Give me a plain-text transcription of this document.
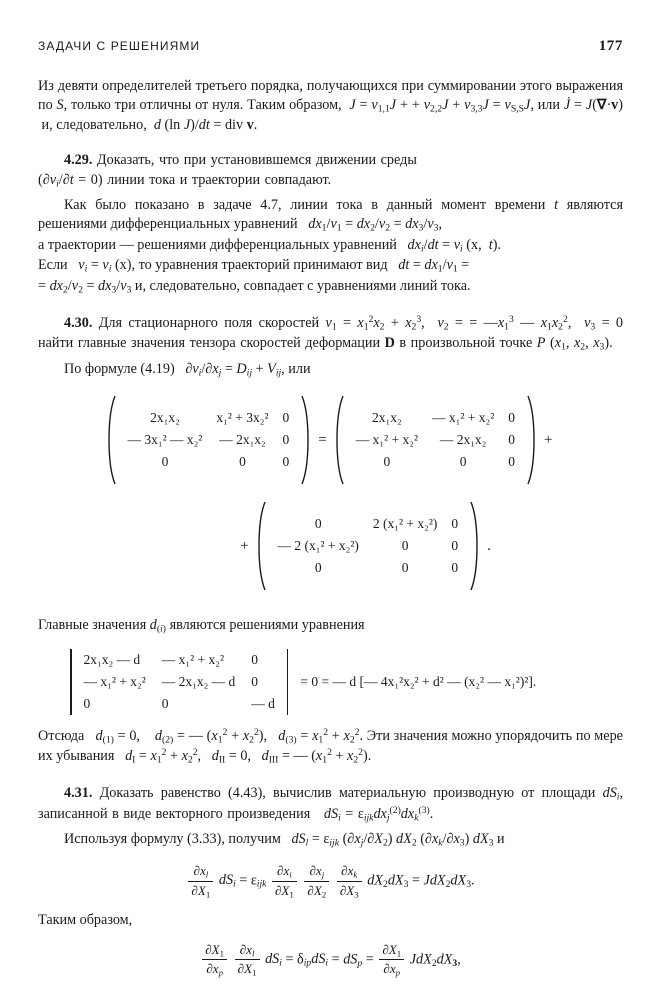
ЗАДАЧИ С РЕШЕНИЯМИ	177

Из девяти определителей третьего порядка, получающихся при суммировании этого выражения по S, только три отличны от нуля. Таким образом,  $J = v_{1,1}J$ + + $v_{2,2}J + v_{3,3}J = v_{S,S}J$, или J̇ = J(∇·v)  и, следовательно, d (ln J)/dt = div v.

4.29. Доказать, что при установившемся движении среды
$(\partial v_i/\partial t = 0)$ линии тока и траектории совпадают.

Как было показано в задаче 4.7, линии тока в данный момент времени t являются решениями дифференциальных уравнений   $dx_1/v_1 = dx_2/v_2 = dx_3/v_3$,

а траектории — решениями дифференциальных уравнений $dx_i/dt = v_i$ (x,  t).

Если $v_i = v_i$ (x), то уравнения траекторий принимают вид dt = $dx_1/v_1$ =

= $dx_2/v_2 = dx_3/v_3$ и, следовательно, совпадает с уравнениями линий тока.

4.30. Для стационарного поля скоростей $v_1 = x_1^2x_2 + x_2^3$,  $v_2$ = = $—x_1^3$ — $x_1x_2^2$,  $v_3 = 0$ найти главные значения тензора скоростей деформации D в произвольной точке P ($x_1$, $x_2$, $x_3$).

По формуле (4.19)   $\partial v_i/\partial x_j = D_{ij} + V_{ij}$, или

2x₁x₂	x₁² + 3x₂²	0
— 3x₁² — x₂²	— 2x₁x₂	0
0	0	0
=
2x₁x₂	— x₁² + x₂²	0
— x₁² + x₂²	— 2x₁x₂	0
0	0	0
+
+
0	2 (x₁² + x₂²)	0
— 2 (x₁² + x₂²)	0	0
0	0	0
.

Главные значения $d_{(i)}$ являются решениями уравнения

2x₁x₂ — d	— x₁² + x₂²	0
— x₁² + x₂²	— 2x₁x₂ — d	0
0	0	— d
= 0 = — d [— 4x₁²x₂² + d² — (x₂² — x₁²)²].

Отсюда $d_{(1)} = 0$,    $d_{(2)}$ = — $(x_1^2 + x_2^2)$,   $d_{(3)} = x_1^2 + x_2^2$. Эти значения можно упорядочить по мере их убывания $d_I = x_1^2 + x_2^2$,   $d_{II} = 0$,   $d_{III}$ = — $(x_1^2 + x_2^2)$.

4.31. Доказать равенство (4.43), вычислив материальную производную от площади $dS_i$, записанной в виде векторного произведения $dS_i = \varepsilon_{ijk}dx_j^{(2)}dx_k^{(3)}$.

Используя формулу (3.33), получим $dS_l = \varepsilon_{ijk}$ $(\partial x_j/\partial X_2)$ $dX_2$ $(\partial x_k/\partial x_3)$ $dX_3$ и

$\frac{\partial x_l}{\partial X_1} dS_i = \varepsilon_{ijk} \frac{\partial x_i}{\partial X_1}$
$\frac{\partial x_j}{\partial X_2}$
$\frac{\partial x_k}{\partial X_3} dX_2dX_3 = JdX_2dX_3$.

Таким образом,

$\frac{\partial X_1}{\partial x_p}$
$\frac{\partial x_l}{\partial X_1} dS_i = \delta_{ip}dS_i = dS_p = \frac{\partial X_1}{\partial x_p} JdX_2dX_3$,
